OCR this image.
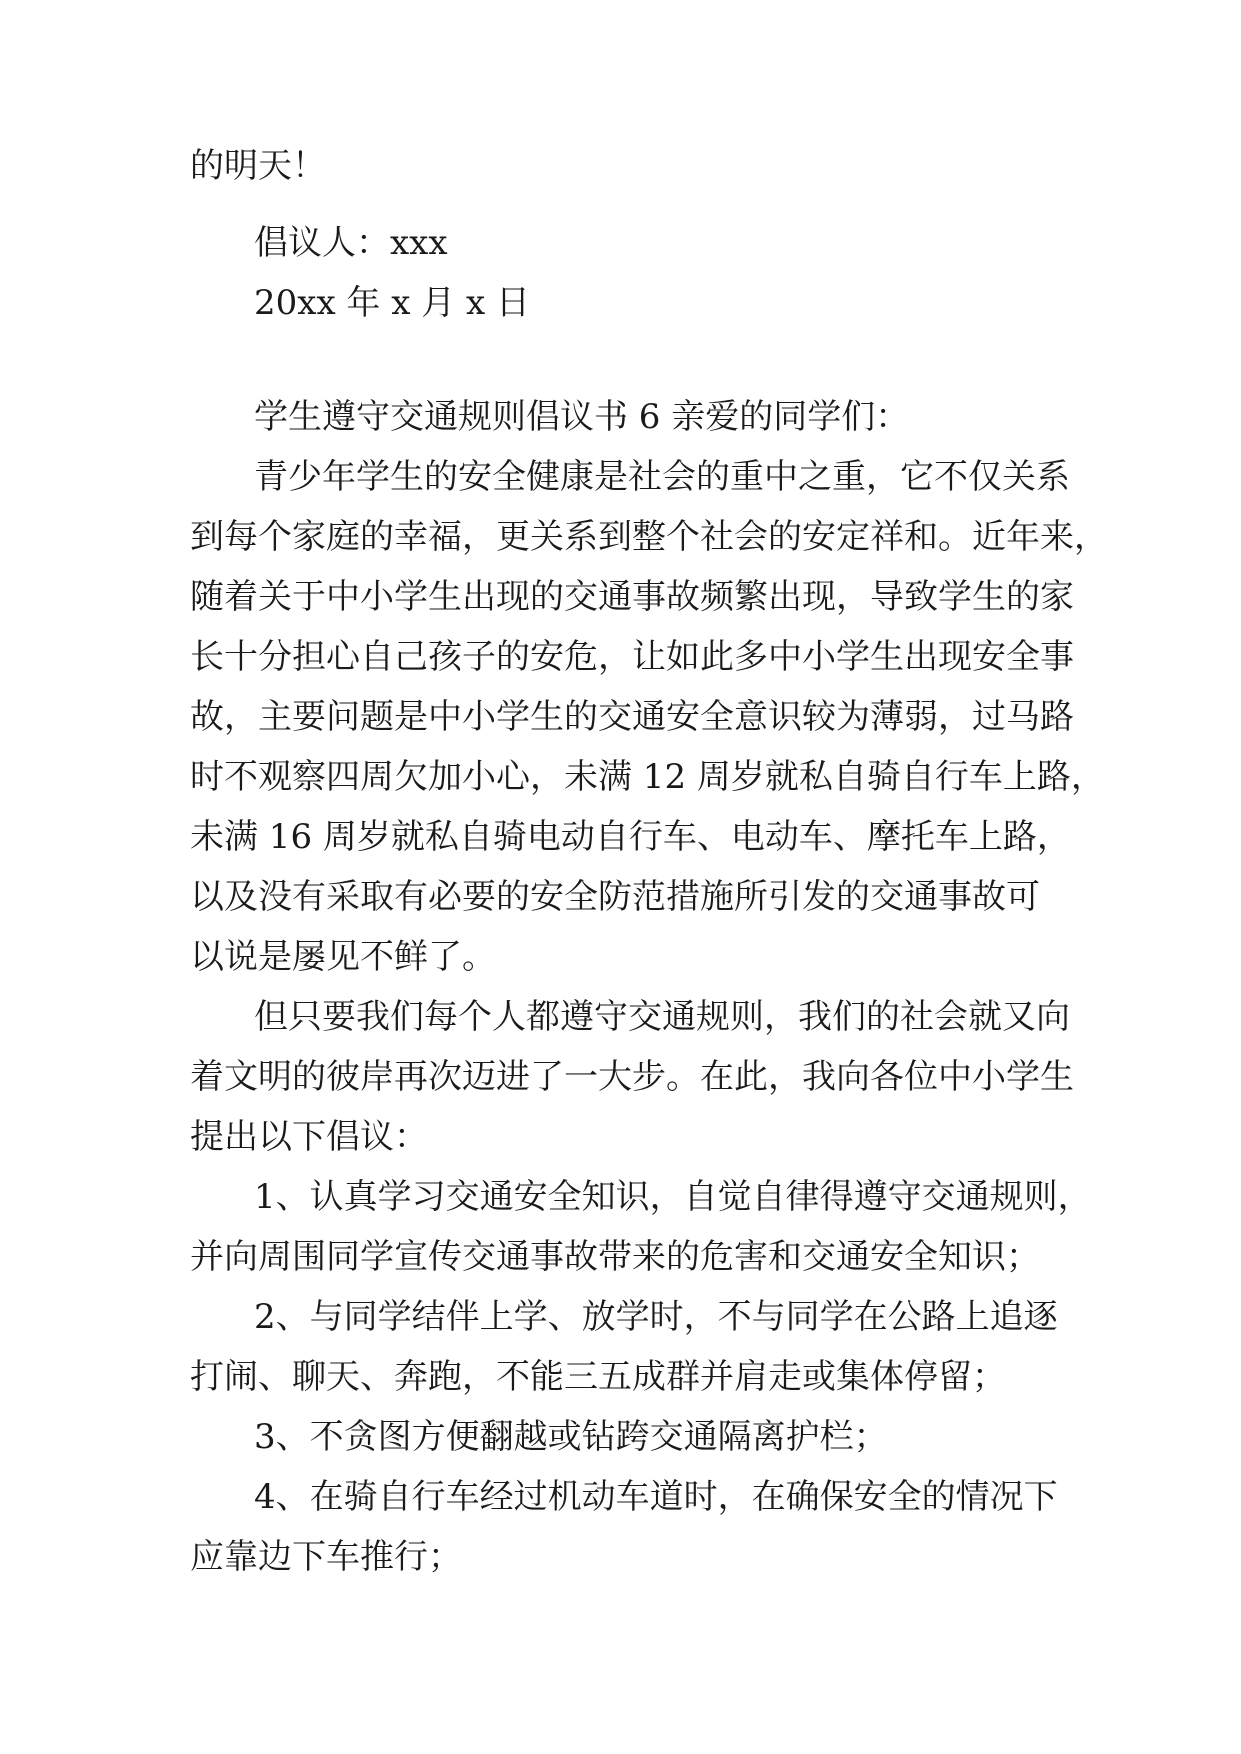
的明天！
倡议人：xxx
20xx 年 x 月 x 日
学生遵守交通规则倡议书 6 亲爱的同学们：
青少年学生的安全健康是社会的重中之重，它不仅关系
到每个家庭的幸福，更关系到整个社会的安定祥和。近年来，
随着关于中小学生出现的交通事故频繁出现，导致学生的家
长十分担心自己孩子的安危，让如此多中小学生出现安全事
故，主要问题是中小学生的交通安全意识较为薄弱，过马路
时不观察四周欠加小心，未满 12 周岁就私自骑自行车上路，
未满 16 周岁就私自骑电动自行车、电动车、摩托车上路，
以及没有采取有必要的安全防范措施所引发的交通事故可
以说是屡见不鲜了。
但只要我们每个人都遵守交通规则，我们的社会就又向
着文明的彼岸再次迈进了一大步。在此，我向各位中小学生
提出以下倡议：
1、认真学习交通安全知识，自觉自律得遵守交通规则，
并向周围同学宣传交通事故带来的危害和交通安全知识；
2、与同学结伴上学、放学时，不与同学在公路上追逐
打闹、聊天、奔跑，不能三五成群并肩走或集体停留；
3、不贪图方便翻越或钻跨交通隔离护栏；
4、在骑自行车经过机动车道时，在确保安全的情况下
应靠边下车推行；
